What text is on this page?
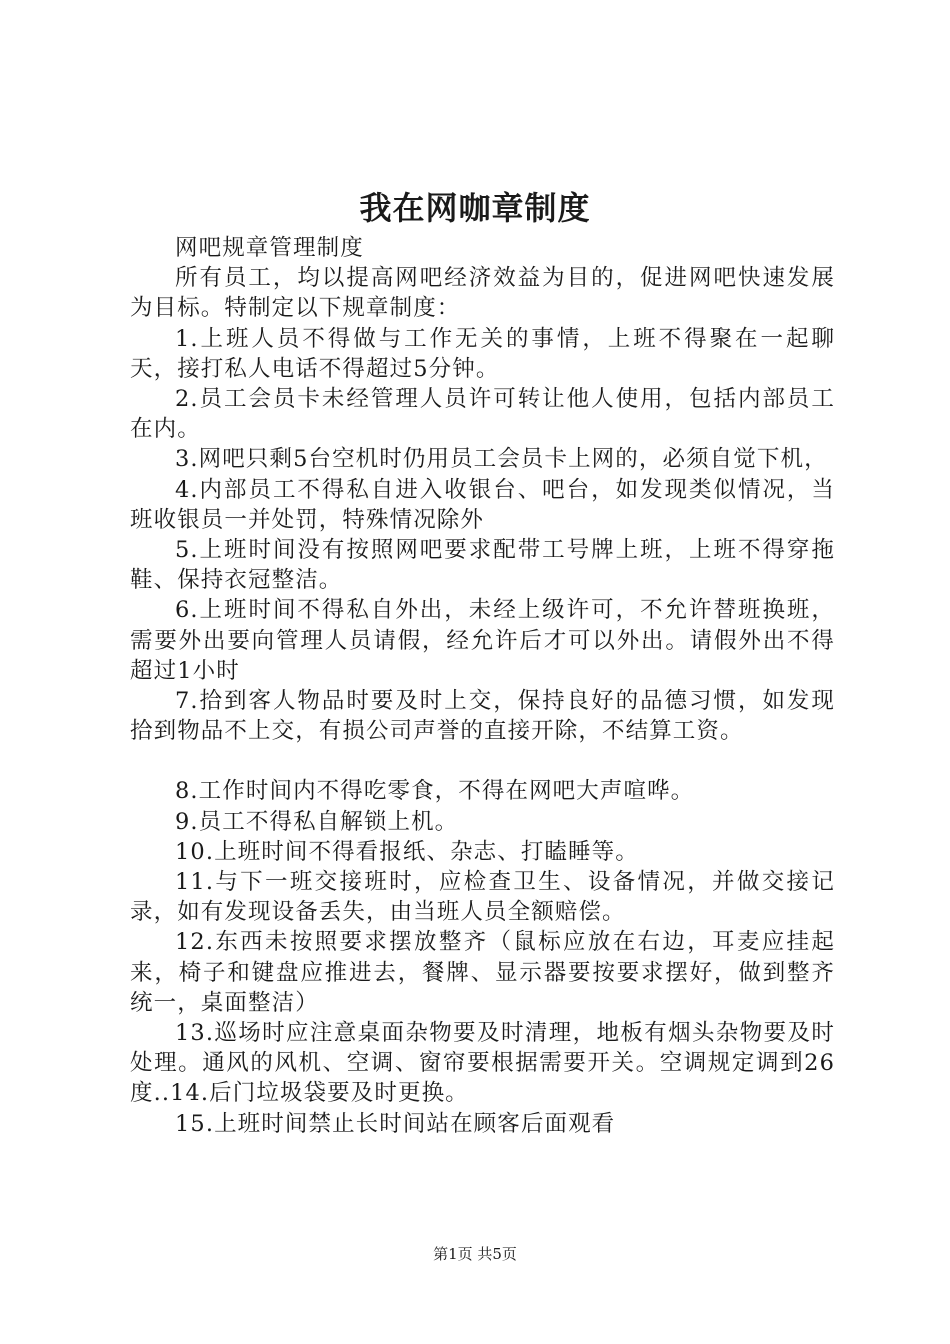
我在网咖章制度

网吧规章管理制度

所有员工，均以提高网吧经济效益为目的，促进网吧快速发展为目标。特制定以下规章制度：

1.上班人员不得做与工作无关的事情，上班不得聚在一起聊天，接打私人电话不得超过5分钟。

2.员工会员卡未经管理人员许可转让他人使用，包括内部员工在内。

3.网吧只剩5台空机时仍用员工会员卡上网的，必须自觉下机，

4.内部员工不得私自进入收银台、吧台，如发现类似情况，当班收银员一并处罚，特殊情况除外

5.上班时间没有按照网吧要求配带工号牌上班，上班不得穿拖鞋、保持衣冠整洁。

6.上班时间不得私自外出，未经上级许可，不允许替班换班，需要外出要向管理人员请假，经允许后才可以外出。请假外出不得超过1小时

7.拾到客人物品时要及时上交，保持良好的品德习惯，如发现拾到物品不上交，有损公司声誉的直接开除，不结算工资。

8.工作时间内不得吃零食，不得在网吧大声喧哗。

9.员工不得私自解锁上机。

10.上班时间不得看报纸、杂志、打瞌睡等。

11.与下一班交接班时，应检查卫生、设备情况，并做交接记录，如有发现设备丢失，由当班人员全额赔偿。

12.东西未按照要求摆放整齐（鼠标应放在右边，耳麦应挂起来，椅子和键盘应推进去，餐牌、显示器要按要求摆好，做到整齐统一，桌面整洁）

13.巡场时应注意桌面杂物要及时清理，地板有烟头杂物要及时处理。通风的风机、空调、窗帘要根据需要开关。空调规定调到26度..14.后门垃圾袋要及时更换。

15.上班时间禁止长时间站在顾客后面观看

第1页 共5页
